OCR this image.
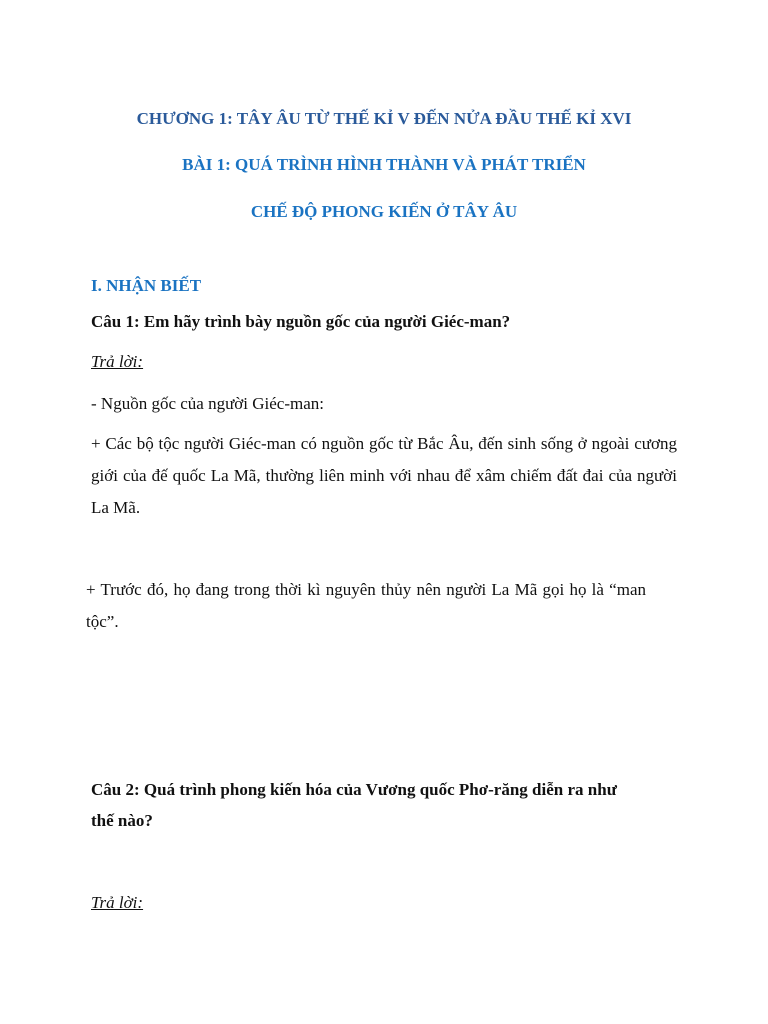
CHƯƠNG 1: TÂY ÂU TỪ THẾ KỈ V ĐẾN NỬA ĐẦU THẾ KỈ XVI
BÀI 1: QUÁ TRÌNH HÌNH THÀNH VÀ PHÁT TRIỂN
CHẾ ĐỘ PHONG KIẾN Ở TÂY ÂU
I. NHẬN BIẾT
Câu 1: Em hãy trình bày nguồn gốc của người Giéc-man?
Trả lời:
- Nguồn gốc của người Giéc-man:
+ Các bộ tộc người Giéc-man có nguồn gốc từ Bắc Âu, đến sinh sống ở ngoài cương giới của đế quốc La Mã, thường liên minh với nhau để xâm chiếm đất đai của người La Mã.
+ Trước đó, họ đang trong thời kì nguyên thủy nên người La Mã gọi họ là “man tộc”.
Câu 2: Quá trình phong kiến hóa của Vương quốc Phơ-răng diễn ra như thế nào?
Trả lời:
